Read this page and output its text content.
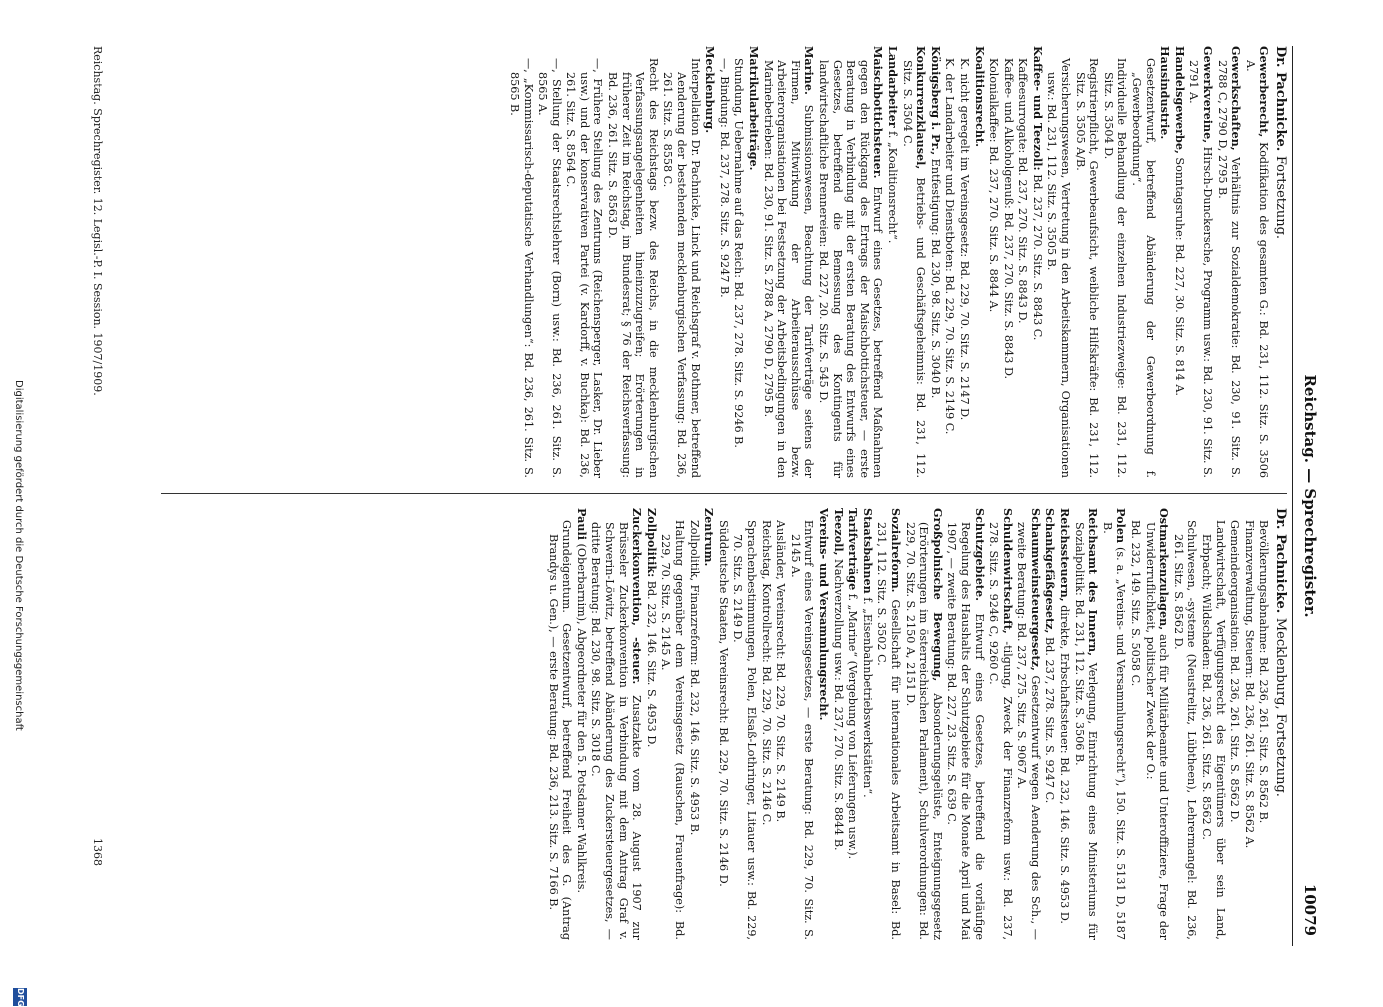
Reichstag. — Sprechregister.
10079
Dr. Pachnicke. Fortsetzung.
Gewerberecht, Kodifikation des gesamten G.: Bd. 231, 112. Sitz. S. 3506 A.
Gewerkschaften, Verhältnis zur Sozialdemokratie: Bd. 230, 91. Sitz. S. 2788 C, 2790 D, 2795 B.
Gewerkvereine, Hirsch-Dunckersche, Programm usw.: Bd. 230, 91. Sitz. S. 2791 A.
Handelsgewerbe, Sonntagsruhe: Bd. 227, 30. Sitz. S. 814 A.
Hausindustrie.
Gesetzentwurf, betreffend Abänderung der Gewerbeordnung f. „Gewerbeordnung“.
Individuelle Behandlung der einzelnen Industriezweige: Bd. 231, 112. Sitz. S. 3504 D.
Registrierpflicht, Gewerbeaufsicht, weibliche Hilfskräfte: Bd. 231, 112. Sitz. S. 3505 A/B.
Versicherungswesen, Vertretung in den Arbeitskammern, Organisationen usw.: Bd. 231, 112. Sitz. S. 3505 B.
Kaffee- und Teezoll: Bd. 237, 270. Sitz. S. 8843 C.
Kaffeesurrogate: Bd. 237, 270. Sitz. S. 8843 D.
Kaffee- und Alkoholgenuß: Bd. 237, 270. Sitz. S. 8843 D.
Kolonialkaffee: Bd. 237, 270. Sitz. S. 8844 A.
Koalitionsrecht.
K. nicht geregelt im Vereinsgesetz: Bd. 229, 70. Sitz. S. 2147 D.
K. der Landarbeiter und Dienstboten: Bd. 229, 70. Sitz. S. 2149 C.
Königsberg i. Pr., Entfestigung: Bd. 230, 98. Sitz. S. 3040 B.
Konkurrenzklausel, Betriebs- und Geschäftsgeheimnis: Bd. 231, 112. Sitz. S. 3504 C.
Landarbeiter f. „Koalitionsrecht“.
Maischbottichsteuer. Entwurf eines Gesetzes, betreffend Maßnahmen gegen den Rückgang des Ertrags der Maischbottichsteuer, — erste Beratung in Verbindung mit der ersten Beratung des Entwurfs eines Gesetzes, betreffend die Bemessung des Kontingents für landwirtschaftliche Brennereien: Bd. 227, 20. Sitz. S. 545 D.
Marine. Submissionswesen, Beachtung der Tarifverträge seitens der Firmen, Mitwirkung der Arbeiterausschüsse bezw. Arbeiterorganisationen bei Festsetzung der Arbeitsbedingungen in den Marinebetrieben: Bd. 230, 91. Sitz. S. 2788 A, 2790 D, 2795 B.
Matrikularbeiträge.
Stundung, Uebernahme auf das Reich: Bd. 237, 278. Sitz. S. 9246 B.
—, Bindung: Bd. 237, 278. Sitz. S. 9247 B.
Mecklenburg.
Interpellation Dr. Pachnicke, Linck und Reichsgraf v. Bothmer, betreffend Aenderung der bestehenden mecklenburgischen Verfassung: Bd. 236, 261. Sitz. S. 8558 C.
Recht des Reichstags bezw. des Reichs, in die mecklenburgischen Verfassungsangelegenheiten hineinzuzugreifen; Erörterungen in früherer Zeit im Reichstag, im Bundesrat; § 76 der Reichsverfassung: Bd. 236, 261. Sitz. S. 8563 D.
—, Frühere Stellung des Zentrums (Reichensperger, Lasker, Dr. Lieber usw.) und der konservativen Partei (v. Kardorff, v. Buchka): Bd. 236, 261. Sitz. S. 8564 C.
—, Stellung der Staatsrechtslehrer (Born) usw.: Bd. 236, 261. Sitz. S. 8565 A.
—, „Kommissarisch-deputatische Verhandlungen“: Bd. 236, 261. Sitz. S. 8565 B.
Dr. Pachnicke. Mecklenburg, Fortsetzung.
Bevölkerungsabnahme: Bd. 236, 261. Sitz. S. 8562 B.
Finanzverwaltung, Steuern: Bd. 236, 261. Sitz. S. 8562 A.
Gemeindeorganisation: Bd. 236, 261. Sitz. S. 8562 D.
Landwirtschaft, Verfügungsrecht des Eigentümers über sein Land, Erbpacht; Wildschaden: Bd. 236, 261. Sitz. S. 8562 C.
Schulwesen, -systeme (Neustrelitz, Lübtheen), Lehrermangel: Bd. 236, 261. Sitz. S. 8562 D.
Ostmarkenzulagen, auch für Militärbeamte und Unteroffiziere, Frage der Unwiderruflichkeit, politischer Zweck der O.:
Bd. 232, 149. Sitz. S. 5058 C.
Polen (s. a. „Vereins- und Versammlungsrecht“), 150. Sitz. S. 5131 D, 5187 B.
Reichsamt des Innern, Verlegung, Einrichtung eines Ministeriums für Sozialpolitik: Bd. 231, 112. Sitz. S. 3506 B.
Reichssteuern, direkte, Erbschaftssteuer: Bd. 232, 146. Sitz. S. 4953 D.
Schankgefäßgesetz, Bd. 237, 278. Sitz. S. 9247 C.
Schaumweinsteuergesetz, Gesetzentwurf wegen Aenderung des Sch., — zweite Beratung: Bd. 237, 275. Sitz. S. 9067 A.
Schuldenwirtschaft, -tilgung, Zweck der Finanzreform usw.: Bd. 237, 278. Sitz. S. 9246 C, 9260 C.
Schutzgebiete. Entwurf eines Gesetzes, betreffend die vorläufige Regelung des Haushalts der Schutzgebiete für die Monate April und Mai 1907, — zweite Beratung: Bd. 227, 23. Sitz. S. 639 C.
Großpolnische Bewegung, Absonderungsgelüste, Enteignungsgesetz (Erörterungen im österreichischen Parlament), Schulverordnungen: Bd. 229, 70. Sitz. S. 2150 A, 2151 D.
Sozialreform. Gesellschaft für internationales Arbeitsamt in Basel: Bd. 231, 112. Sitz. S. 3502 C.
Staatsbahnen f. „Eisenbahnbetriebswerkstätten“.
Tarifverträge f. „Marine“ (Vergebung von Lieferungen usw.).
Teezoll, Nachverzollung usw.: Bd. 237, 270. Sitz. S. 8844 B.
Vereins- und Versammlungsrecht.
Entwurf eines Vereinsgesetzes, — erste Beratung: Bd. 229, 70. Sitz. S. 2145 A.
Ausländer, Vereinsrecht: Bd. 229, 70. Sitz. S. 2149 B.
Reichstag, Kontrollrecht: Bd. 229, 70. Sitz. S. 2146 C.
Sprachenbestimmungen, Polen, Elsaß-Lothringer, Litauer usw.: Bd. 229, 70. Sitz. S. 2149 D.
Süddeutsche Staaten, Vereinsrecht: Bd. 229, 70. Sitz. S. 2146 D.
Zentrum.
Zollpolitik, Finanzreform: Bd. 232, 146. Sitz. S. 4953 B.
Haltung gegenüber dem Vereinsgesetz (Rauschen, Frauenfrage): Bd. 229, 70. Sitz. S. 2145 A.
Zollpolitik: Bd. 232, 146. Sitz. S. 4953 D.
Zuckerkonvention, -steuer. Zusatzakte vom 28. August 1907 zur Brüsseler Zuckerkonvention in Verbindung mit dem Antrag Graf v. Schwerin-Löwitz, betreffend Abänderung des Zuckersteuergesetzes, — dritte Beratung: Bd. 230, 98. Sitz. S. 3018 C.
Pauli (Oberbarnim), Abgeordneter für den 5. Potsdamer Wahlkreis.
Grundeigentum. Gesetzentwurf, betreffend Freiheit des G. (Antrag Brandys u. Gen.), — erste Beratung: Bd. 236, 213. Sitz. S. 7166 B.
Reichstag. Sprechregister. 12. Legisl.-P. I. Session. 1907/1909.
1368
Digitalisierung gefördert durch die Deutsche Forschungsgemeinschaft
DFG
